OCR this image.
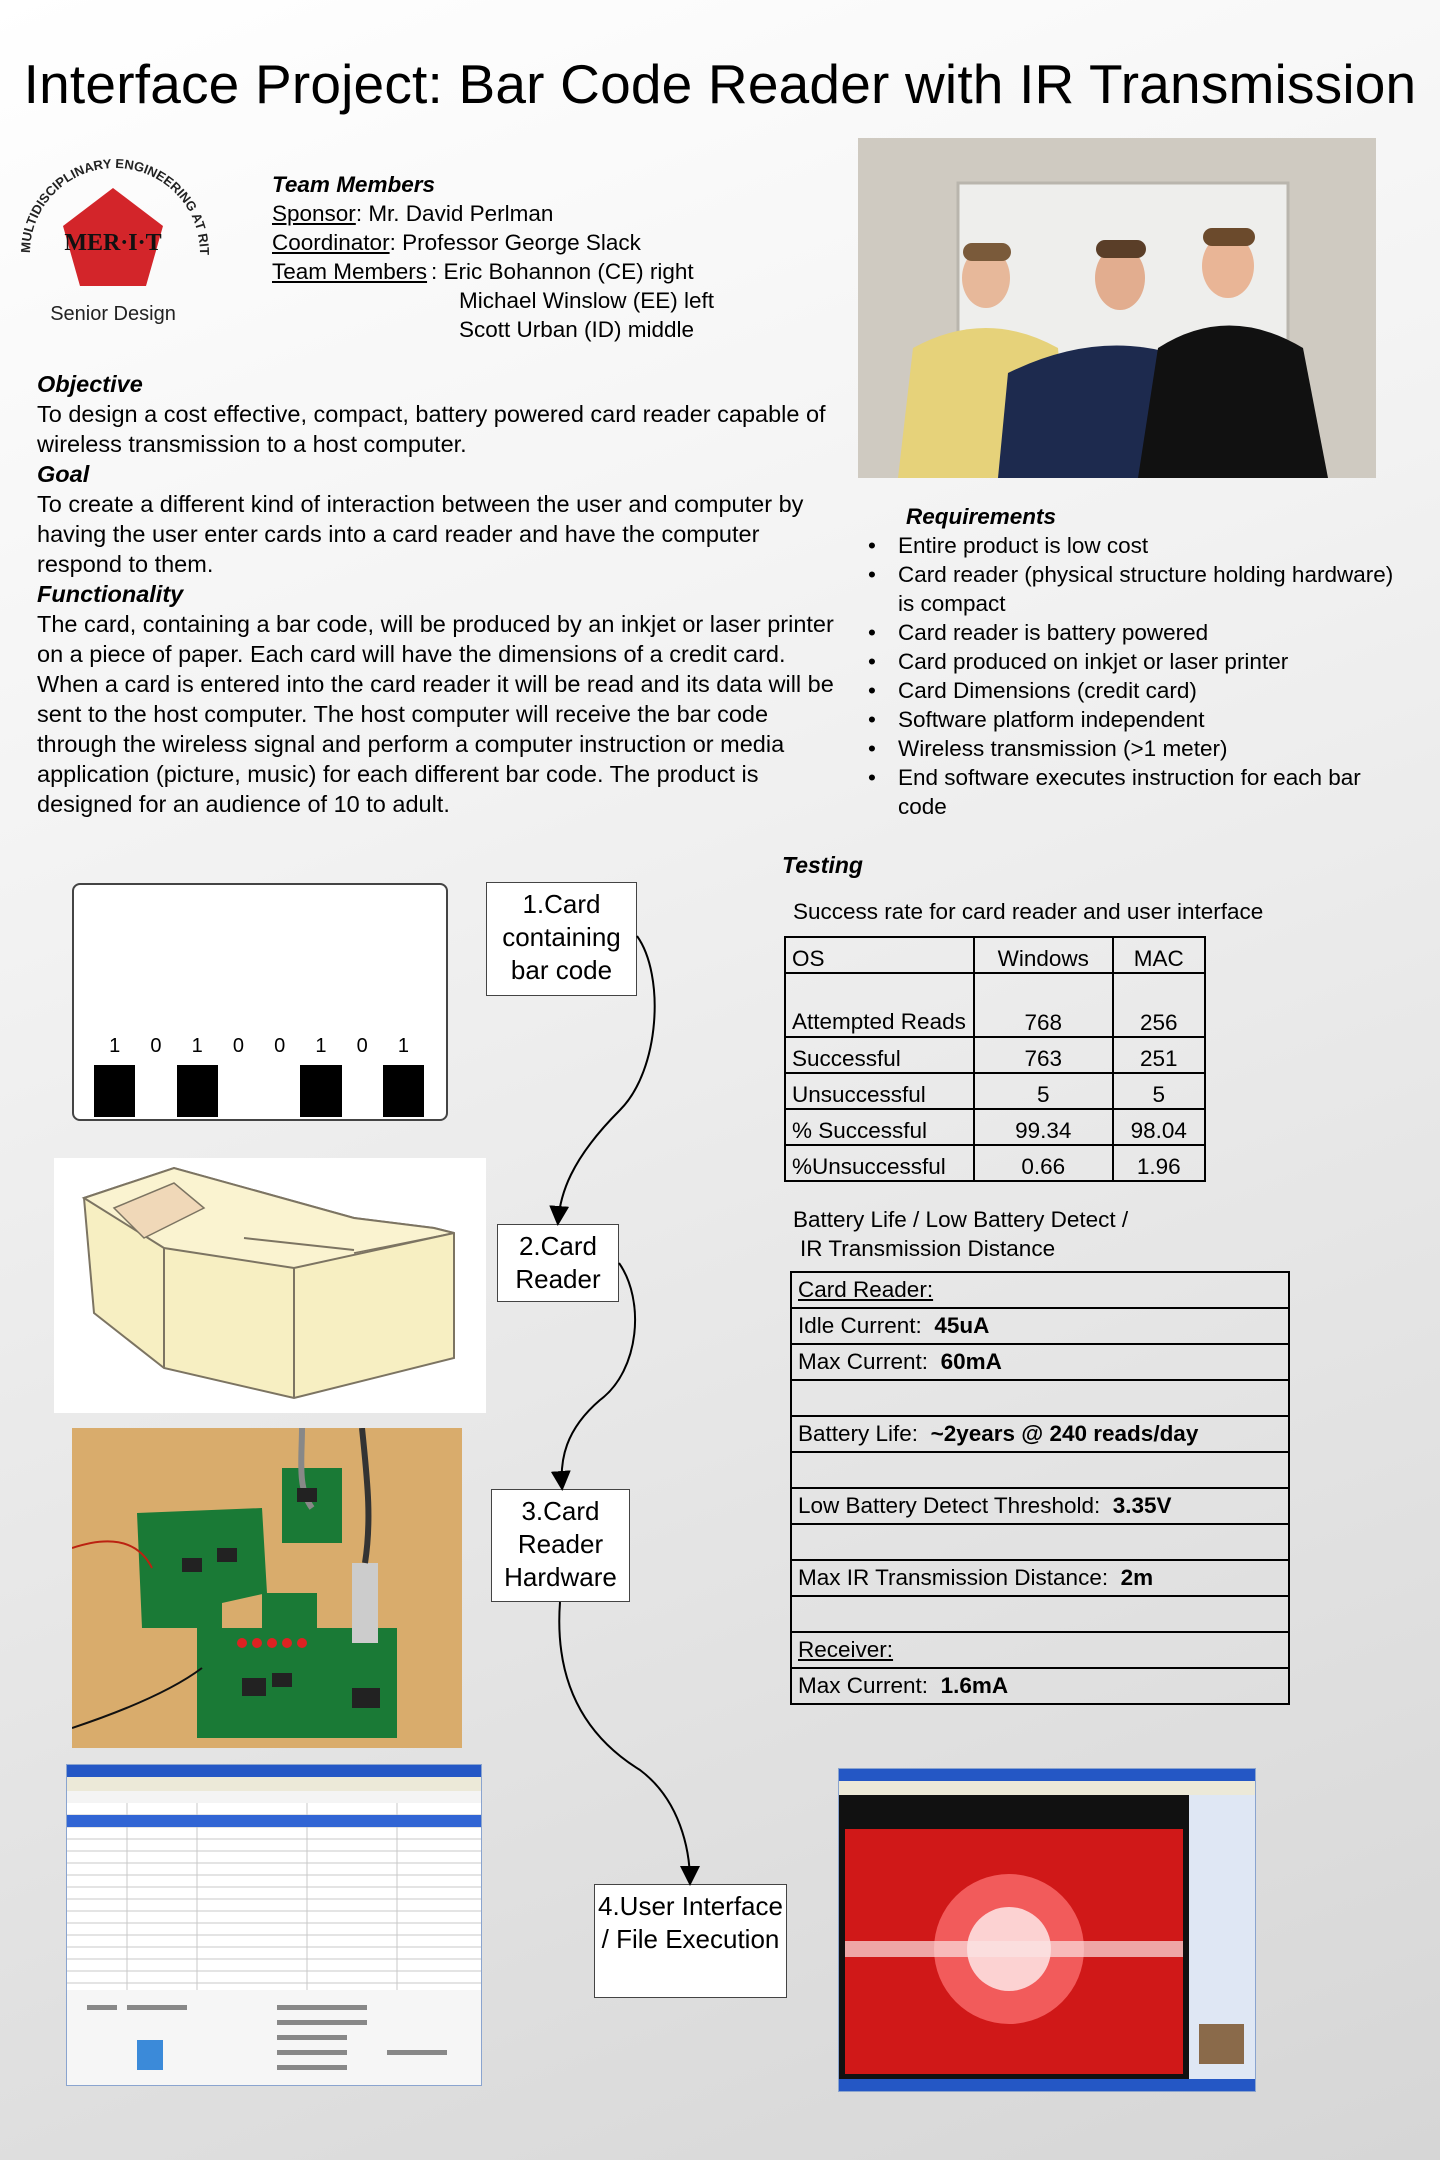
Interface Project: Bar Code Reader with IR Transmission
MULTIDISCIPLINARY ENGINEERING AT RIT
MER·I·T
Senior Design
Team Members
Sponsor: Mr. David Perlman
Coordinator: Professor George Slack
Team Members : Eric Bohannon (CE) right
Michael Winslow (EE) left
Scott Urban (ID) middle
Objective
To design a cost effective, compact, battery powered card reader capable of wireless transmission to a host computer.
Goal
To create a different kind of interaction between the user and computer by having the user enter cards into a card reader and have the computer respond to them.
Functionality
The card, containing a bar code, will be produced by an inkjet or laser printer on a piece of paper. Each card will have the dimensions of a credit card. When a card is entered into the card reader it will be read and its data will be sent to the host computer. The host computer will receive the bar code through the wireless signal and perform a computer instruction or media application (picture, music) for each different bar code. The product is designed for an audience of 10 to adult.
Requirements
• Entire product is low cost
• Card reader (physical structure holding hardware) is compact
• Card reader is battery powered
• Card produced on inkjet or laser printer
• Card Dimensions (credit card)
• Software platform independent
• Wireless transmission (>1 meter)
• End software executes instruction for each bar code
1	0	1	0	0	1	0	1
1.Card containing bar code
2.Card Reader
3.Card Reader Hardware
4.User Interface / File Execution
Testing
Success rate for card reader and user interface
OS	Windows	MAC
Attempted Reads	768	256
Successful	763	251
Unsuccessful	5	5
% Successful	99.34	98.04
%Unsuccessful	0.66	1.96
Battery Life / Low Battery Detect /
IR Transmission Distance
Card Reader:
Idle Current: 45uA
Max Current: 60mA

Battery Life: ~2years @ 240 reads/day

Low Battery Detect Threshold: 3.35V

Max IR Transmission Distance: 2m

Receiver:
Max Current: 1.6mA
